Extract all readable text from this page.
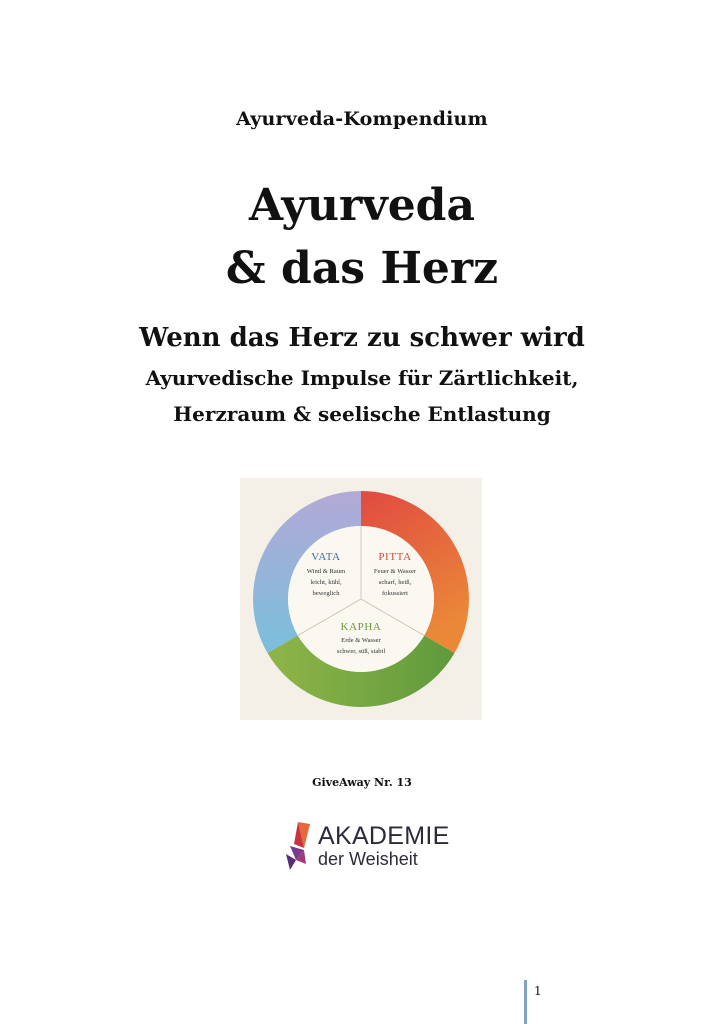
Ayurveda-Kompendium
Ayurveda
& das Herz
Wenn das Herz zu schwer wird
Ayurvedische Impulse für Zärtlichkeit,
Herzraum & seelische Entlastung
VATA
Wind & Raum
leicht, kühl,
beweglich
PITTA
Feuer & Wasser
scharf, heiß,
fokussiert
KAPHA
Erde & Wasser
schwer, süß, stabil
GiveAway Nr. 13
AKADEMIE
der Weisheit
1
